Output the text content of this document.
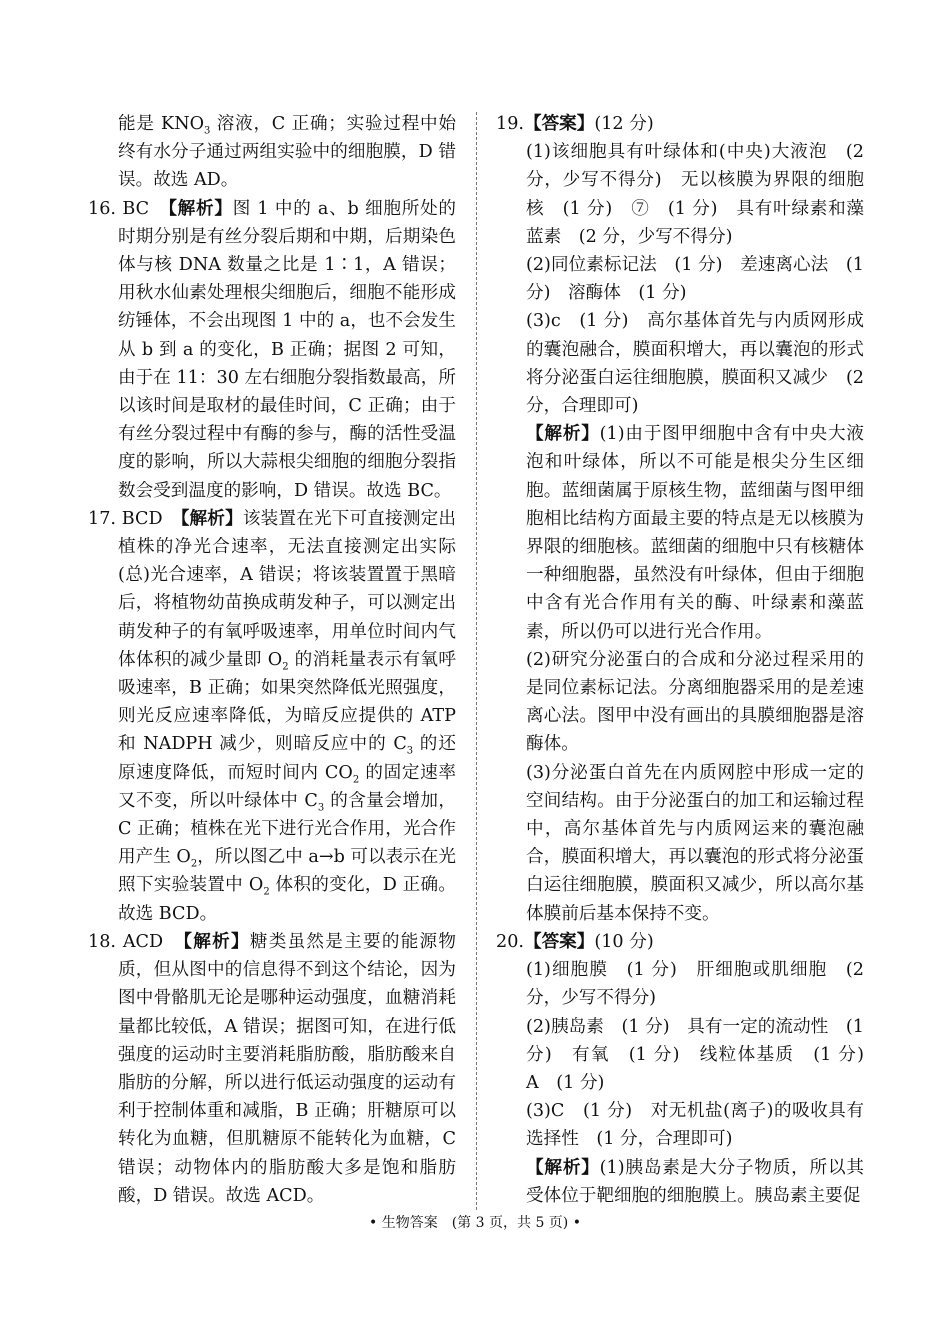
能是 $KNO_3$ 溶液，C 正确；实验过程中始终有水分子通过两组实验中的细胞膜，D 错误。故选 AD。

16. BC　【解析】图 1 中的 a、b 细胞所处的时期分别是有丝分裂后期和中期，后期染色体与核 DNA 数量之比是 1∶1，A 错误；用秋水仙素处理根尖细胞后，细胞不能形成纺锤体，不会出现图 1 中的 a，也不会发生从 b 到 a 的变化，B 正确；据图 2 可知，由于在 11：30 左右细胞分裂指数最高，所以该时间是取材的最佳时间，C 正确；由于有丝分裂过程中有酶的参与，酶的活性受温度的影响，所以大蒜根尖细胞的细胞分裂指数会受到温度的影响，D 错误。故选 BC。

17. BCD　【解析】该装置在光下可直接测定出植株的净光合速率，无法直接测定出实际(总)光合速率，A 错误；将该装置置于黑暗后，将植物幼苗换成萌发种子，可以测定出萌发种子的有氧呼吸速率，用单位时间内气体体积的减少量即 $O_2$ 的消耗量表示有氧呼吸速率，B 正确；如果突然降低光照强度，则光反应速率降低，为暗反应提供的 ATP 和 NADPH 减少，则暗反应中的 $C_3$ 的还原速度降低，而短时间内 $CO_2$ 的固定速率又不变，所以叶绿体中 $C_3$ 的含量会增加，C 正确；植株在光下进行光合作用，光合作用产生 $O_2$，所以图乙中 a→b 可以表示在光照下实验装置中 $O_2$ 体积的变化，D 正确。故选 BCD。

18. ACD　【解析】糖类虽然是主要的能源物质，但从图中的信息得不到这个结论，因为图中骨骼肌无论是哪种运动强度，血糖消耗量都比较低，A 错误；据图可知，在进行低强度的运动时主要消耗脂肪酸，脂肪酸来自脂肪的分解，所以进行低运动强度的运动有利于控制体重和减脂，B 正确；肝糖原可以转化为血糖，但肌糖原不能转化为血糖，C 错误；动物体内的脂肪酸大多是饱和脂肪酸，D 错误。故选 ACD。

19.【答案】(12 分)

(1)该细胞具有叶绿体和(中央)大液泡　(2 分，少写不得分)　无以核膜为界限的细胞核　(1 分)　⑦　(1 分)　具有叶绿素和藻蓝素　(2 分，少写不得分)

(2)同位素标记法　(1 分)　差速离心法　(1 分)　溶酶体　(1 分)

(3)c　(1 分)　高尔基体首先与内质网形成的囊泡融合，膜面积增大，再以囊泡的形式将分泌蛋白运往细胞膜，膜面积又减少　(2 分，合理即可)

【解析】(1)由于图甲细胞中含有中央大液泡和叶绿体，所以不可能是根尖分生区细胞。蓝细菌属于原核生物，蓝细菌与图甲细胞相比结构方面最主要的特点是无以核膜为界限的细胞核。蓝细菌的细胞中只有核糖体一种细胞器，虽然没有叶绿体，但由于细胞中含有光合作用有关的酶、叶绿素和藻蓝素，所以仍可以进行光合作用。

(2)研究分泌蛋白的合成和分泌过程采用的是同位素标记法。分离细胞器采用的是差速离心法。图甲中没有画出的具膜细胞器是溶酶体。

(3)分泌蛋白首先在内质网腔中形成一定的空间结构。由于分泌蛋白的加工和运输过程中，高尔基体首先与内质网运来的囊泡融合，膜面积增大，再以囊泡的形式将分泌蛋白运往细胞膜，膜面积又减少，所以高尔基体膜前后基本保持不变。

20.【答案】(10 分)

(1)细胞膜　(1 分)　肝细胞或肌细胞　(2 分，少写不得分)

(2)胰岛素　(1 分)　具有一定的流动性　(1 分)　有氧　(1 分)　线粒体基质　(1 分)　A　(1 分)

(3)C　(1 分)　对无机盐(离子)的吸收具有选择性　(1 分，合理即可)

【解析】(1)胰岛素是大分子物质，所以其受体位于靶细胞的细胞膜上。胰岛素主要促

• 生物答案　(第 3 页，共 5 页) •
